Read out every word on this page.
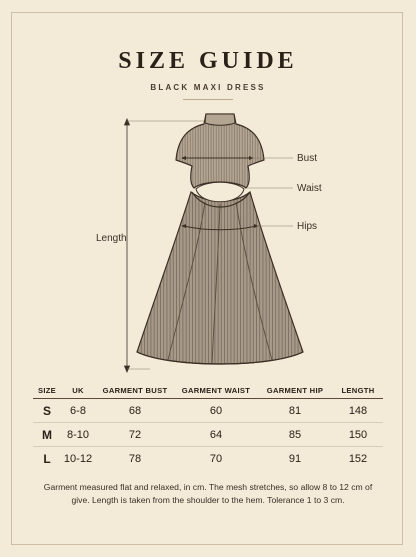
SIZE GUIDE
BLACK MAXI DRESS
Bust
Waist
Hips
Length
SIZE	UK	GARMENT BUST	GARMENT WAIST	GARMENT HIP	LENGTH
S	6-8	68	60	81	148
M	8-10	72	64	85	150
L	10-12	78	70	91	152
Garment measured flat and relaxed, in cm. The mesh stretches, so allow 8 to 12 cm of give. Length is taken from the shoulder to the hem. Tolerance 1 to 3 cm.
